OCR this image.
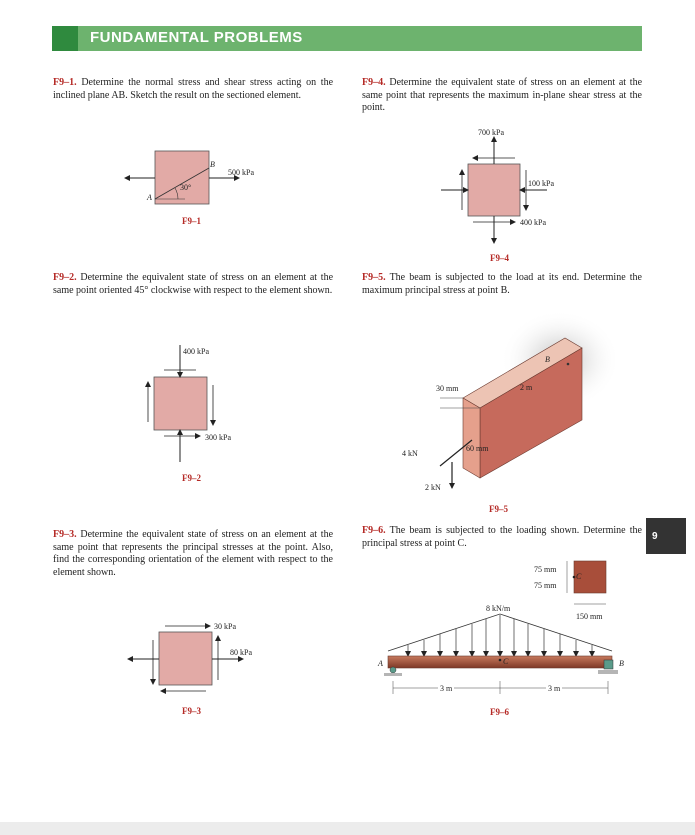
FUNDAMENTAL PROBLEMS
F9–1. Determine the normal stress and shear stress acting on the inclined plane AB. Sketch the result on the sectioned element.
F9–2. Determine the equivalent state of stress on an element at the same point oriented 45° clockwise with respect to the element shown.
F9–3. Determine the equivalent state of stress on an element at the same point that represents the principal stresses at the point. Also, find the corresponding orientation of the element with respect to the element shown.
F9–4. Determine the equivalent state of stress on an element at the same point that represents the maximum in-plane shear stress at the point.
F9–5. The beam is subjected to the load at its end. Determine the maximum principal stress at point B.
F9–6. The beam is subjected to the loading shown. Determine the principal stress at point C.
9
500 kPa
30°
A
B
F9–1
400 kPa
300 kPa
F9–2
30 kPa
80 kPa
F9–3
700 kPa
100 kPa
400 kPa
F9–4
30 mm	2 m
60 mm
B
4 kN
2 kN
F9–5
C
75 mm
75 mm
150 mm
8 kN/m
C
A	B
3 m	3 m
F9–6
